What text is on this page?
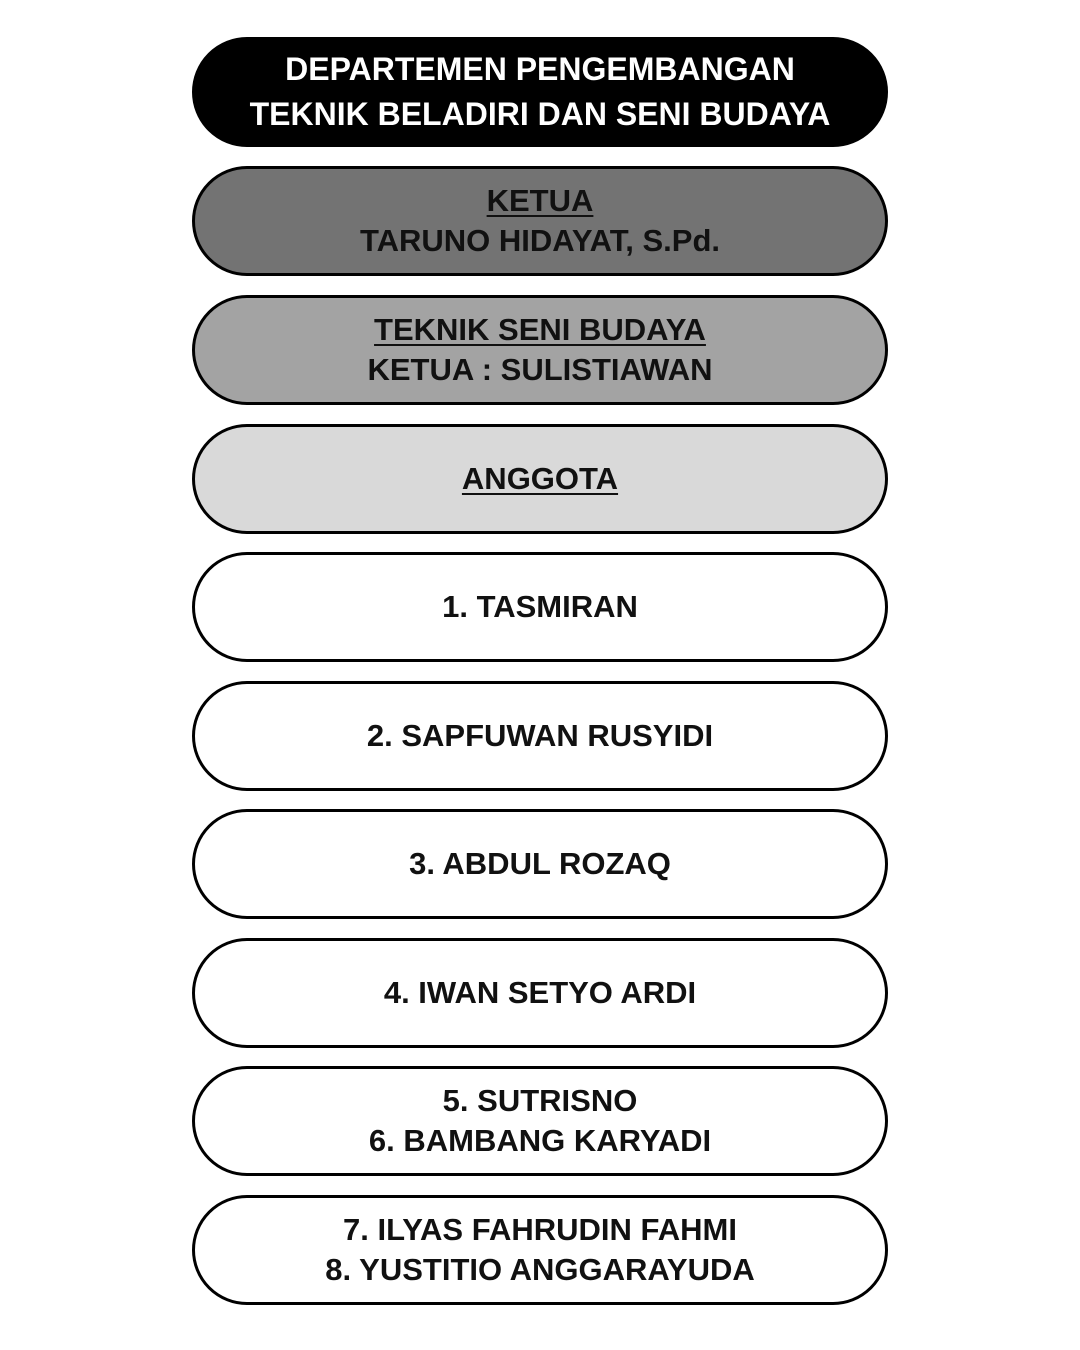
DEPARTEMEN PENGEMBANGAN
TEKNIK BELADIRI DAN SENI BUDAYA
KETUA
TARUNO HIDAYAT, S.Pd.
TEKNIK SENI BUDAYA
KETUA : SULISTIAWAN
ANGGOTA
1. TASMIRAN
2. SAPFUWAN RUSYIDI
3. ABDUL ROZAQ
4. IWAN SETYO ARDI
5. SUTRISNO
6. BAMBANG KARYADI
7. ILYAS FAHRUDIN FAHMI
8. YUSTITIO ANGGARAYUDA
